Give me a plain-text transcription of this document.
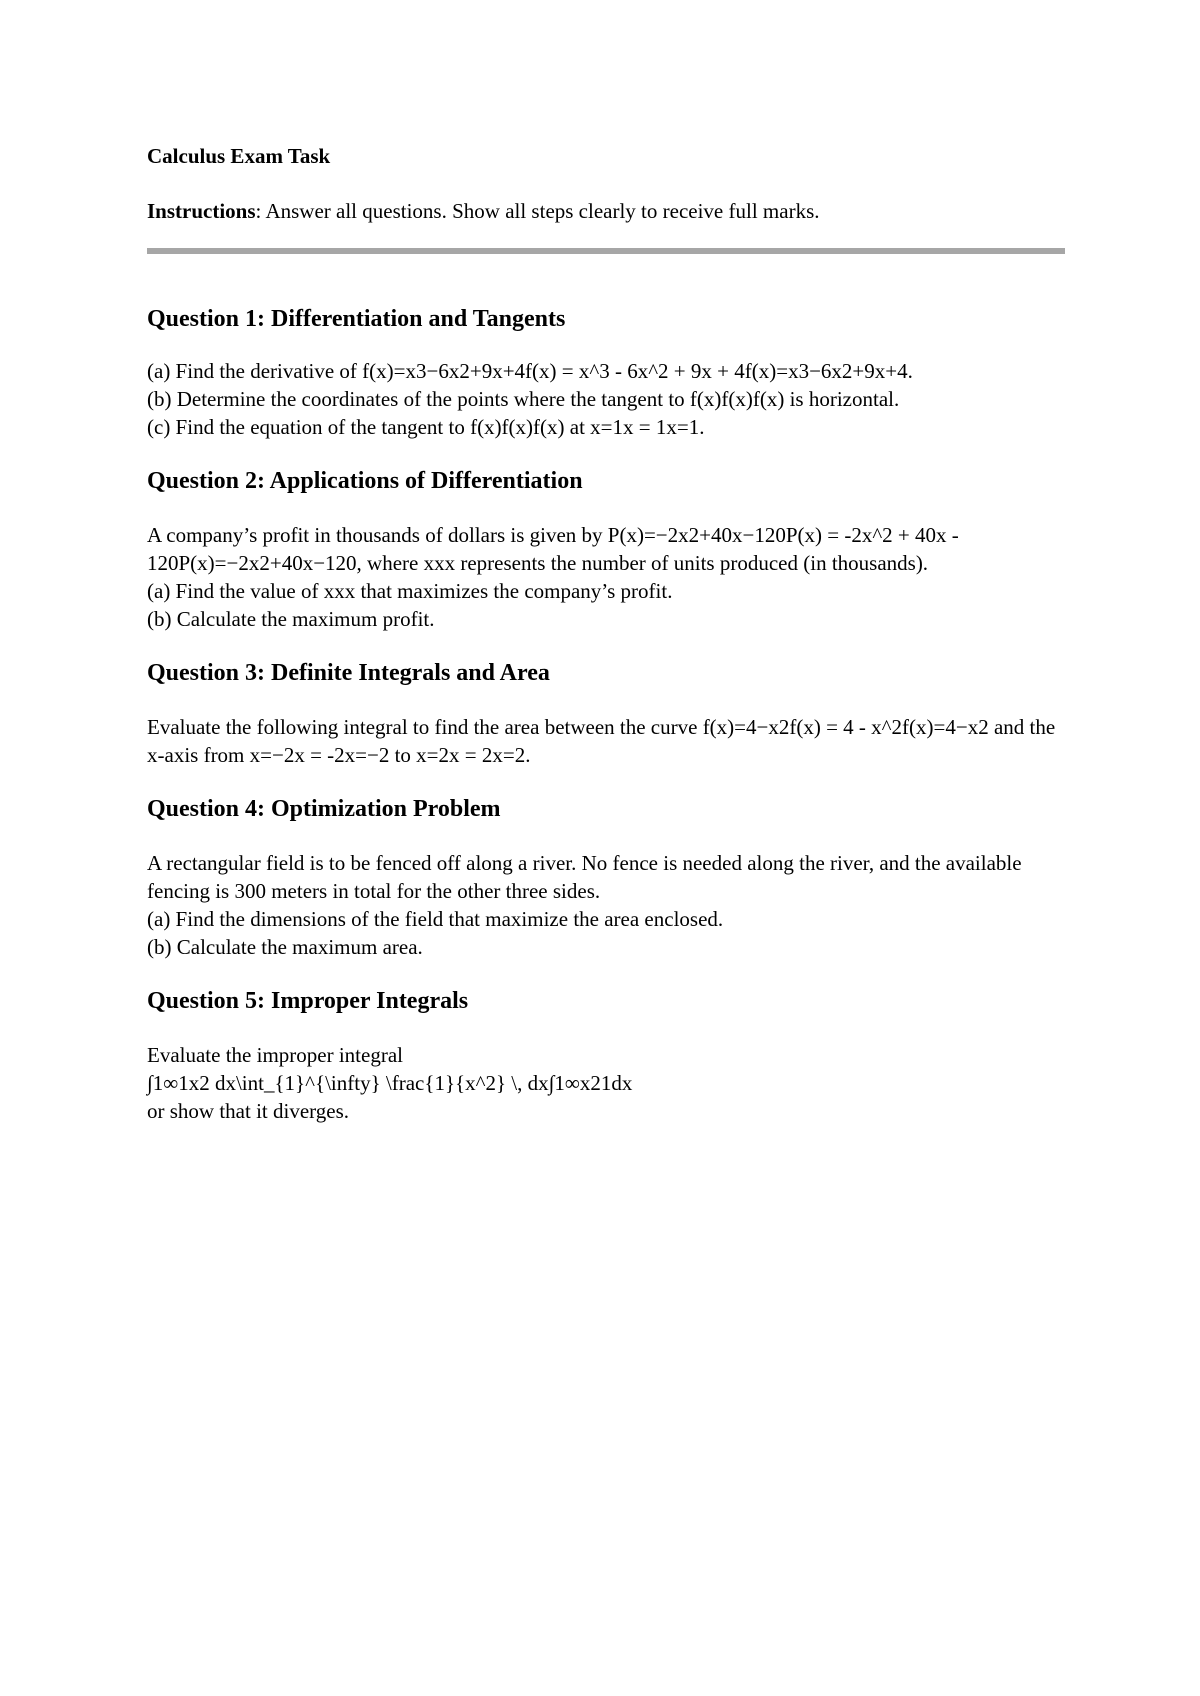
Calculus Exam Task

Instructions: Answer all questions. Show all steps clearly to receive full marks.

Question 1: Differentiation and Tangents

(a) Find the derivative of f(x)=x3−6x2+9x+4f(x) = x^3 - 6x^2 + 9x + 4f(x)=x3−6x2+9x+4.
(b) Determine the coordinates of the points where the tangent to f(x)f(x)f(x) is horizontal.
(c) Find the equation of the tangent to f(x)f(x)f(x) at x=1x = 1x=1.

Question 2: Applications of Differentiation

A company’s profit in thousands of dollars is given by P(x)=−2x2+40x−120P(x) = -2x^2 + 40x - 120P(x)=−2x2+40x−120, where xxx represents the number of units produced (in thousands).
(a) Find the value of xxx that maximizes the company’s profit.
(b) Calculate the maximum profit.

Question 3: Definite Integrals and Area

Evaluate the following integral to find the area between the curve f(x)=4−x2f(x) = 4 - x^2f(x)=4−x2 and the x-axis from x=−2x = -2x=−2 to x=2x = 2x=2.

Question 4: Optimization Problem

A rectangular field is to be fenced off along a river. No fence is needed along the river, and the available fencing is 300 meters in total for the other three sides.
(a) Find the dimensions of the field that maximize the area enclosed.
(b) Calculate the maximum area.

Question 5: Improper Integrals

Evaluate the improper integral
∫1∞1x2 dx\int_{1}^{\infty} \frac{1}{x^2} \, dx∫1∞x21dx
or show that it diverges.
